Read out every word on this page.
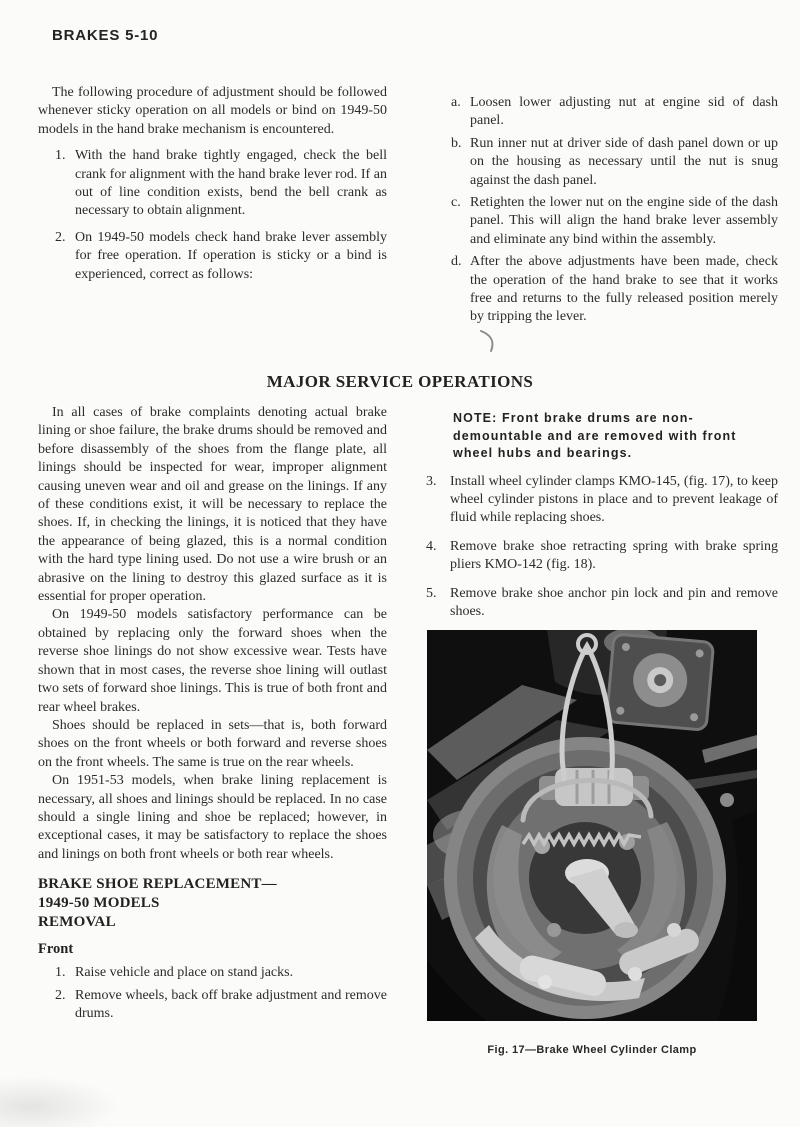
BRAKES 5-10

The following procedure of adjustment should be followed whenever sticky operation on all models or bind on 1949-50 models in the hand brake mechanism is encountered.

1. With the hand brake tightly engaged, check the bell crank for alignment with the hand brake lever rod. If an out of line condition exists, bend the bell crank as necessary to obtain alignment.
2. On 1949-50 models check hand brake lever assembly for free operation. If operation is sticky or a bind is experienced, correct as follows:
a. Loosen lower adjusting nut at engine sid of dash panel.
b. Run inner nut at driver side of dash panel down or up on the housing as necessary until the nut is snug against the dash panel.
c. Retighten the lower nut on the engine side of the dash panel. This will align the hand brake lever assembly and eliminate any bind within the assembly.
d. After the above adjustments have been made, check the operation of the hand brake to see that it works free and returns to the fully released position merely by tripping the lever.
MAJOR SERVICE OPERATIONS

In all cases of brake complaints denoting actual brake lining or shoe failure, the brake drums should be removed and before disassembly of the shoes from the flange plate, all linings should be inspected for wear, improper alignment causing uneven wear and oil and grease on the linings. If any of these conditions exist, it will be necessary to replace the shoes. If, in checking the linings, it is noticed that they have the appearance of being glazed, this is a normal condition with the hard type lining used. Do not use a wire brush or an abrasive on the lining to destroy this glazed surface as it is essential for proper operation.

On 1949-50 models satisfactory performance can be obtained by replacing only the forward shoes when the reverse shoe linings do not show excessive wear. Tests have shown that in most cases, the reverse shoe lining will outlast two sets of forward shoe linings. This is true of both front and rear wheel brakes.

Shoes should be replaced in sets—that is, both forward shoes on the front wheels or both forward and reverse shoes on the front wheels. The same is true on the rear wheels.

On 1951-53 models, when brake lining replacement is necessary, all shoes and linings should be replaced. In no case should a single lining and shoe be replaced; however, in exceptional cases, it may be satisfactory to replace the shoes and linings on both front wheels or both rear wheels.

BRAKE SHOE REPLACEMENT—
1949-50 MODELS
REMOVAL
Front
1. Raise vehicle and place on stand jacks.
2. Remove wheels, back off brake adjustment and remove drums.
NOTE: Front brake drums are non-
demountable and are removed with front
wheel hubs and bearings.
3. Install wheel cylinder clamps KMO-145, (fig. 17), to keep wheel cylinder pistons in place and to prevent leakage of fluid while replacing shoes.
4. Remove brake shoe retracting spring with brake spring pliers KMO-142 (fig. 18).
5. Remove brake shoe anchor pin lock and pin and remove shoes.
Fig. 17—Brake Wheel Cylinder Clamp
